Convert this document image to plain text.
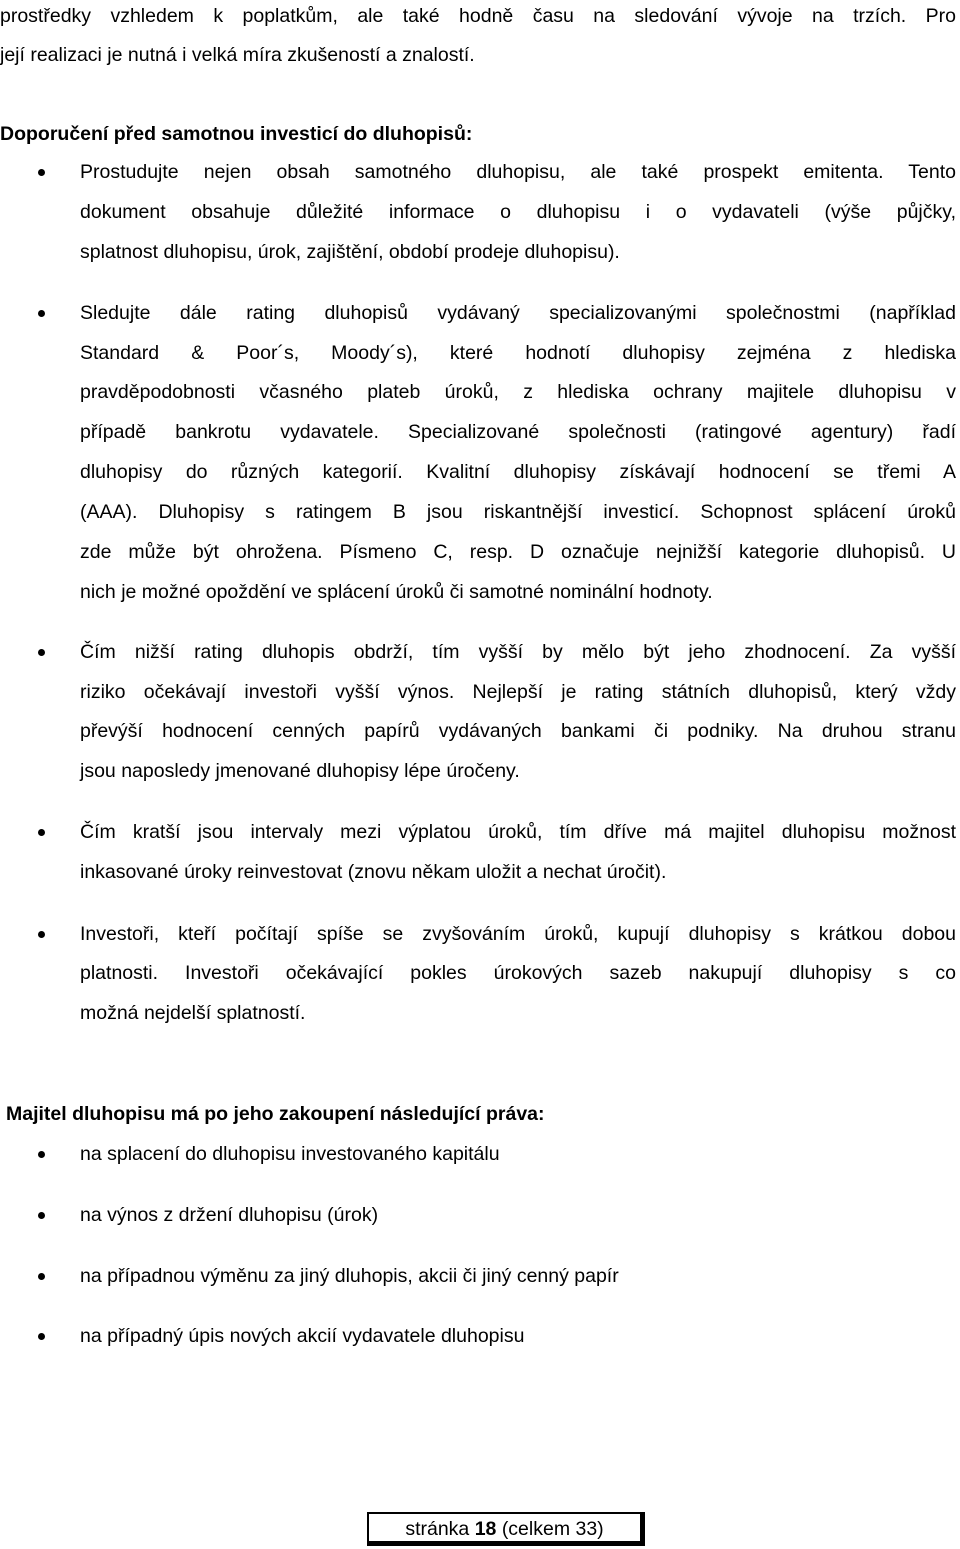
prostředky vzhledem k poplatkům, ale také hodně času na sledování vývoje na trzích. Pro
její realizaci je nutná i velká míra zkušeností a znalostí.
Doporučení před samotnou investicí do dluhopisů:
Prostudujte nejen obsah samotného dluhopisu, ale také prospekt emitenta. Tento
dokument obsahuje důležité informace o dluhopisu i o vydavateli (výše půjčky,
splatnost dluhopisu, úrok, zajištění, období prodeje dluhopisu).
Sledujte dále rating dluhopisů vydávaný specializovanými společnostmi (například
Standard & Poor´s, Moody´s), které hodnotí dluhopisy zejména z hlediska
pravděpodobnosti včasného plateb úroků, z hlediska ochrany majitele dluhopisu v
případě bankrotu vydavatele. Specializované společnosti (ratingové agentury) řadí
dluhopisy do různých kategorií. Kvalitní dluhopisy získávají hodnocení se třemi A
(AAA). Dluhopisy s ratingem B jsou riskantnější investicí. Schopnost splácení úroků
zde může být ohrožena. Písmeno C, resp. D označuje nejnižší kategorie dluhopisů. U
nich je možné opoždění ve splácení úroků či samotné nominální hodnoty.
Čím nižší rating dluhopis obdrží, tím vyšší by mělo být jeho zhodnocení. Za vyšší
riziko očekávají investoři vyšší výnos. Nejlepší je rating státních dluhopisů, který vždy
převýší hodnocení cenných papírů vydávaných bankami či podniky. Na druhou stranu
jsou naposledy jmenované dluhopisy lépe úročeny.
Čím kratší jsou intervaly mezi výplatou úroků, tím dříve má majitel dluhopisu možnost
inkasované úroky reinvestovat (znovu někam uložit a nechat úročit).
Investoři, kteří počítají spíše se zvyšováním úroků, kupují dluhopisy s krátkou dobou
platnosti. Investoři očekávající pokles úrokových sazeb nakupují dluhopisy s co
možná nejdelší splatností.
Majitel dluhopisu má po jeho zakoupení následující práva:
na splacení do dluhopisu investovaného kapitálu
na výnos z držení dluhopisu (úrok)
na případnou výměnu za jiný dluhopis, akcii či jiný cenný papír
na případný úpis nových akcií vydavatele dluhopisu
stránka 18 (celkem 33)
